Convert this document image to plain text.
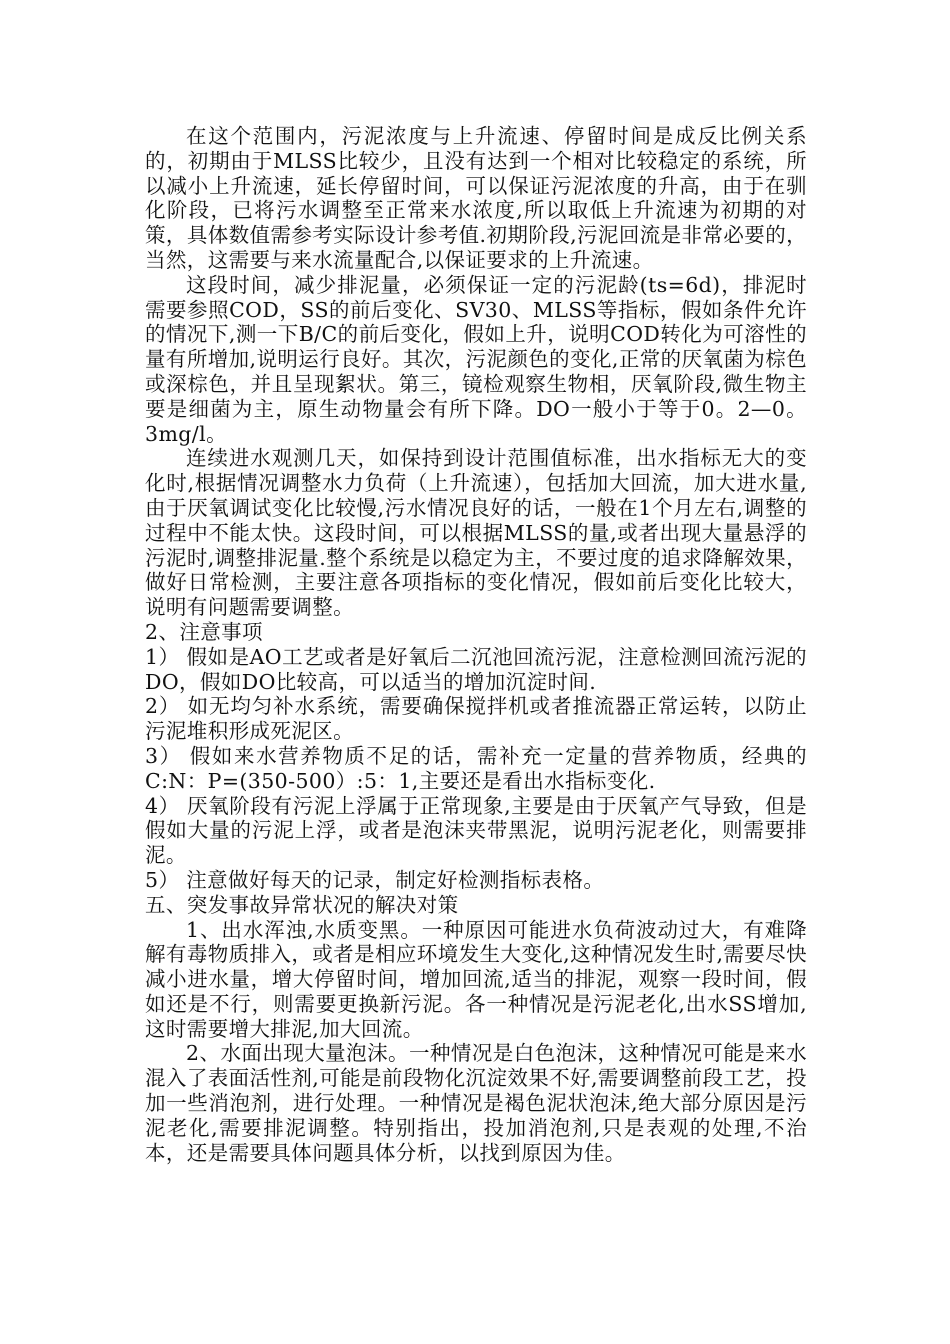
在这个范围内，污泥浓度与上升流速、停留时间是成反比例关系的，初期由于MLSS比较少，且没有达到一个相对比较稳定的系统，所以减小上升流速，延长停留时间，可以保证污泥浓度的升高，由于在驯化阶段，已将污水调整至正常来水浓度,所以取低上升流速为初期的对策，具体数值需参考实际设计参考值.初期阶段,污泥回流是非常必要的，当然，这需要与来水流量配合,以保证要求的上升流速。

这段时间，减少排泥量，必须保证一定的污泥龄(ts=6d)，排泥时需要参照COD，SS的前后变化、SV30、MLSS等指标，假如条件允许的情况下,测一下B/C的前后变化，假如上升，说明COD转化为可溶性的量有所增加,说明运行良好。其次，污泥颜色的变化,正常的厌氧菌为棕色或深棕色，并且呈现絮状。第三，镜检观察生物相，厌氧阶段,微生物主要是细菌为主，原生动物量会有所下降。DO一般小于等于0。2—0。3mg/l。

连续进水观测几天，如保持到设计范围值标准，出水指标无大的变化时,根据情况调整水力负荷（上升流速），包括加大回流，加大进水量,由于厌氧调试变化比较慢,污水情况良好的话，一般在1个月左右,调整的过程中不能太快。这段时间，可以根据MLSS的量,或者出现大量悬浮的污泥时,调整排泥量.整个系统是以稳定为主，不要过度的追求降解效果，做好日常检测，主要注意各项指标的变化情况，假如前后变化比较大，说明有问题需要调整。

2、注意事项

1） 假如是AO工艺或者是好氧后二沉池回流污泥，注意检测回流污泥的DO，假如DO比较高，可以适当的增加沉淀时间.

2） 如无均匀补水系统，需要确保搅拌机或者推流器正常运转，以防止污泥堆积形成死泥区。

3） 假如来水营养物质不足的话，需补充一定量的营养物质，经典的C:N：P=(350-500）:5：1,主要还是看出水指标变化.

4） 厌氧阶段有污泥上浮属于正常现象,主要是由于厌氧产气导致，但是假如大量的污泥上浮，或者是泡沫夹带黑泥，说明污泥老化，则需要排泥。

5） 注意做好每天的记录，制定好检测指标表格。

五、突发事故异常状况的解决对策

1、出水浑浊,水质变黑。一种原因可能进水负荷波动过大，有难降解有毒物质排入，或者是相应环境发生大变化,这种情况发生时,需要尽快减小进水量，增大停留时间，增加回流,适当的排泥，观察一段时间，假如还是不行，则需要更换新污泥。各一种情况是污泥老化,出水SS增加,这时需要增大排泥,加大回流。

2、水面出现大量泡沫。一种情况是白色泡沫，这种情况可能是来水混入了表面活性剂,可能是前段物化沉淀效果不好,需要调整前段工艺，投加一些消泡剂，进行处理。一种情况是褐色泥状泡沫,绝大部分原因是污泥老化,需要排泥调整。特别指出，投加消泡剂,只是表观的处理,不治本，还是需要具体问题具体分析，以找到原因为佳。
